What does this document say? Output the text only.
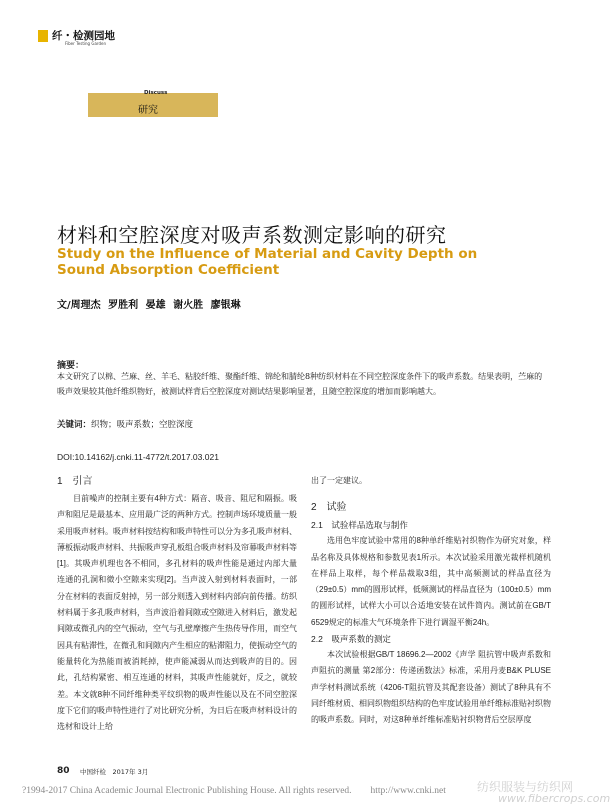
纤・检测园地
Fiber Testing Garden
Discuss
研究
材料和空腔深度对吸声系数测定影响的研究
Study on the Influence of Material and Cavity Depth on Sound Absorption Coefficient
文/周理杰 罗胜利 晏雄 谢火胜 廖银琳
摘要：
本文研究了以棉、苎麻、丝、羊毛、粘胶纤维、聚酯纤维、锦纶和腈纶8种纺织材料在不同空腔深度条件下的吸声系数。结果表明，苎麻的吸声效果较其他纤维织物好，被测试样背后空腔深度对测试结果影响显著，且随空腔深度的增加而影响越大。
关键词：织物；吸声系数；空腔深度
DOI:10.14162/j.cnki.11-4772/t.2017.03.021

1　引言

目前噪声的控制主要有4种方式：隔音、吸音、阻尼和隔振。吸声和阻尼是最基本、应用最广泛的两种方式。控制声场环境质量一般采用吸声材料。吸声材料按结构和吸声特性可以分为多孔吸声材料、薄板振动吸声材料、共振吸声穿孔板组合吸声材料及帘幕吸声材料等[1]。其吸声机理也各不相同，多孔材料的吸声性能是通过内部大量连通的孔洞和微小空隙来实现[2]。当声波入射到材料表面时，一部分在材料的表面反射掉，另一部分则透入到材料内部向前传播。纺织材料属于多孔吸声材料，当声波沿着间隙或空隙进入材料后，激发起间隙或微孔内的空气振动，空气与孔壁摩擦产生热传导作用，而空气因具有粘滞性，在微孔和间隙内产生相应的粘滞阻力，使振动空气的能量转化为热能而被消耗掉，使声能减弱从而达到吸声的目的。因此，孔结构紧密、相互连通的材料，其吸声性能就好，反之，就较差。本文就8种不同纤维种类平纹织物的吸声性能以及在不同空腔深度下它们的吸声特性进行了对比研究分析，为日后在吸声材料设计的选材和设计上给

出了一定建议。

2　试验

2.1　试验样品选取与制作

选用色牢度试验中常用的8种单纤维贴衬织物作为研究对象，样品名称及具体规格和参数见表1所示。本次试验采用激光裁样机随机在样品上取样，每个样品裁取3组，其中高频测试的样品直径为（29±0.5）mm的圆形试样，低频测试的样品直径为（100±0.5）mm的圆形试样，试样大小可以合适地安装在试件筒内。测试前在GB/T 6529规定的标准大气环境条件下进行调湿平衡24h。

2.2　吸声系数的测定

本次试验根据GB/T 18696.2—2002《声学 阻抗管中吸声系数和声阻抗的测量 第2部分：传递函数法》标准，采用丹麦B&K PLUSE声学材料测试系统（4206-T阻抗管及其配套设备）测试了8种具有不同纤维材质、相同织物组织结构的色牢度试验用单纤维标准贴衬织物的吸声系数。同时，对这8种单纤维标准贴衬织物背后空层厚度

80 中国纤检　2017年 3月
?1994-2017 China Academic Journal Electronic Publishing House. All rights reserved.　　http://www.cnki.net	纺织服装与纺织网
www.fibercrops.com
